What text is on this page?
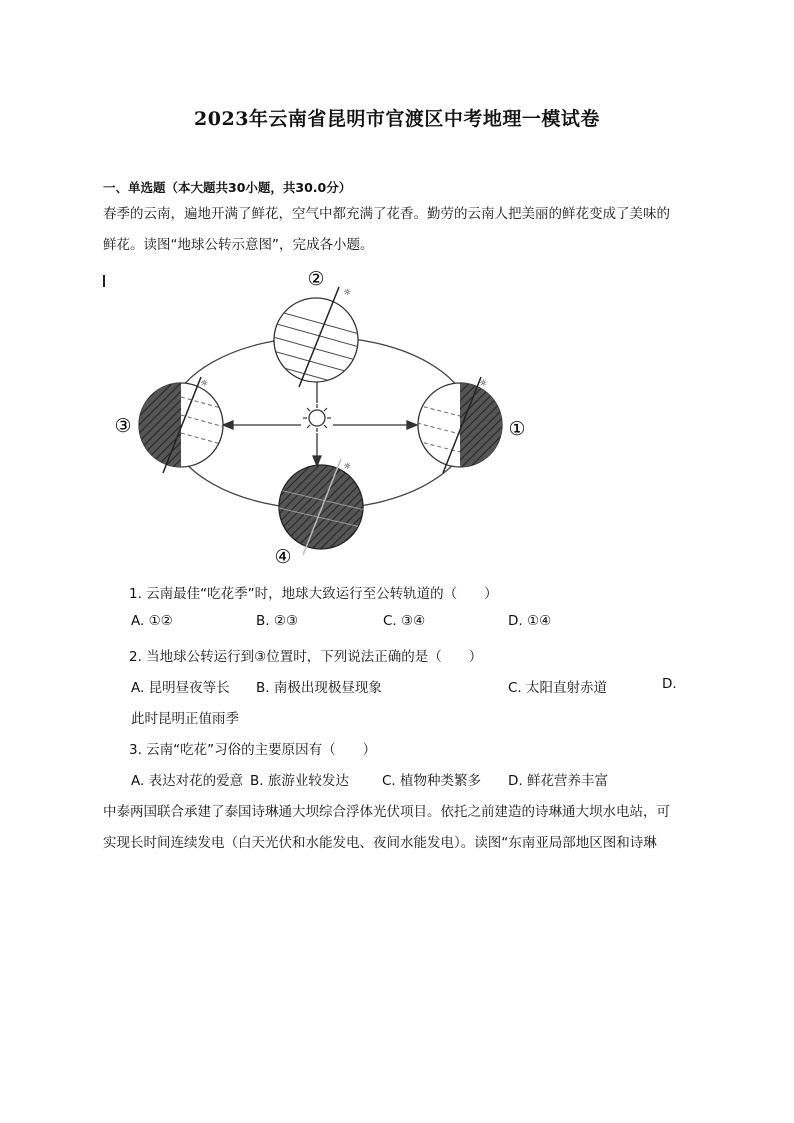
2023年云南省昆明市官渡区中考地理一模试卷
一、单选题（本大题共30小题，共30.0分）
春季的云南，遍地开满了鲜花，空气中都充满了花香。勤劳的云南人把美丽的鲜花变成了美味的
鲜花。读图“地球公转示意图”，完成各小题。
☼
☼	☼
☼
②
③	①
④
1. 云南最佳“吃花季”时，地球大致运行至公转轨道的（　　）
A. ①②	B. ②③	C. ③④	D. ①④
2. 当地球公转运行到③位置时，下列说法正确的是（　　）
A. 昆明昼夜等长 B. 南极出现极昼现象	C. 太阳直射赤道	D.
此时昆明正值雨季
3. 云南“吃花”习俗的主要原因有（　　）
A. 表达对花的爱意 B. 旅游业较发达 C. 植物种类繁多 D. 鲜花营养丰富
中泰两国联合承建了泰国诗琳通大坝综合浮体光伏项目。依托之前建造的诗琳通大坝水电站，可
实现长时间连续发电（白天光伏和水能发电、夜间水能发电）。读图“东南亚局部地区图和诗琳
